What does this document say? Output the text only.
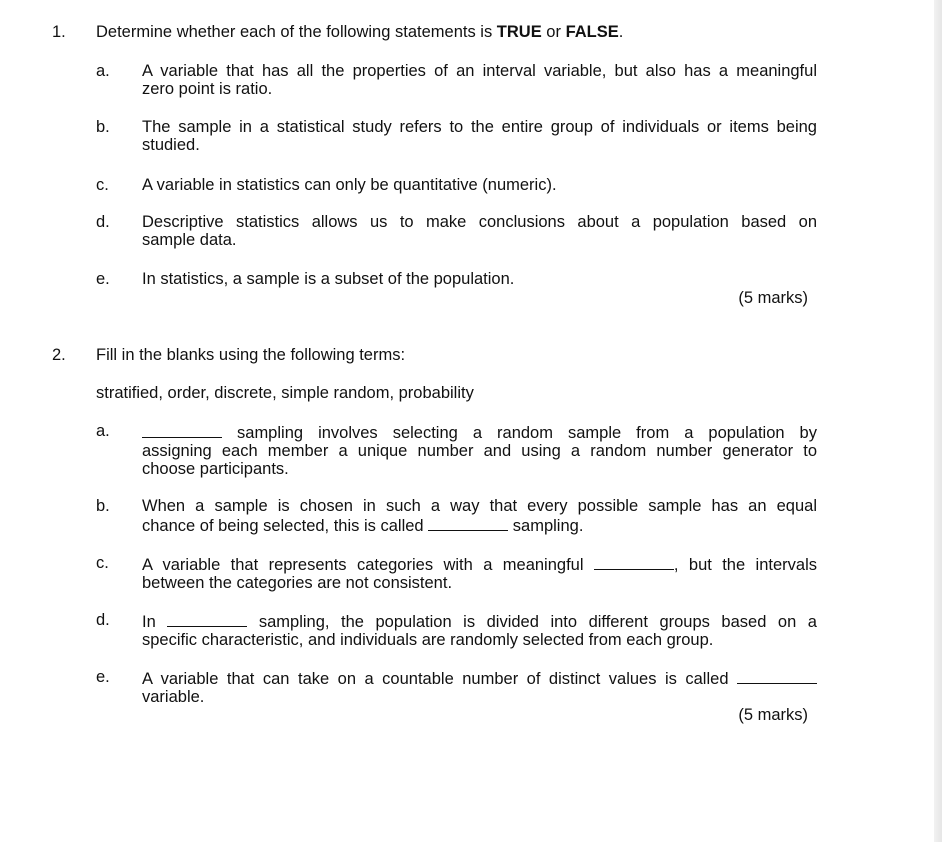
1. Determine whether each of the following statements is TRUE or FALSE.
a. A variable that has all the properties of an interval variable, but also has a meaningful
zero point is ratio.
b. The sample in a statistical study refers to the entire group of individuals or items being
studied.
c. A variable in statistics can only be quantitative (numeric).
d. Descriptive statistics allows us to make conclusions about a population based on
sample data.
e. In statistics, a sample is a subset of the population.
(5 marks)
2. Fill in the blanks using the following terms:
stratified, order, discrete, simple random, probability
a.	sampling involves selecting a random sample from a population by
assigning each member a unique number and using a random number generator to
choose participants.
b. When a sample is chosen in such a way that every possible sample has an equal
chance of being selected, this is called	sampling.
c. A variable that represents categories with a meaningful	, but the intervals
between the categories are not consistent.
d. In	sampling, the population is divided into different groups based on a
specific characteristic, and individuals are randomly selected from each group.
e. A variable that can take on a countable number of distinct values is called
variable.
(5 marks)
